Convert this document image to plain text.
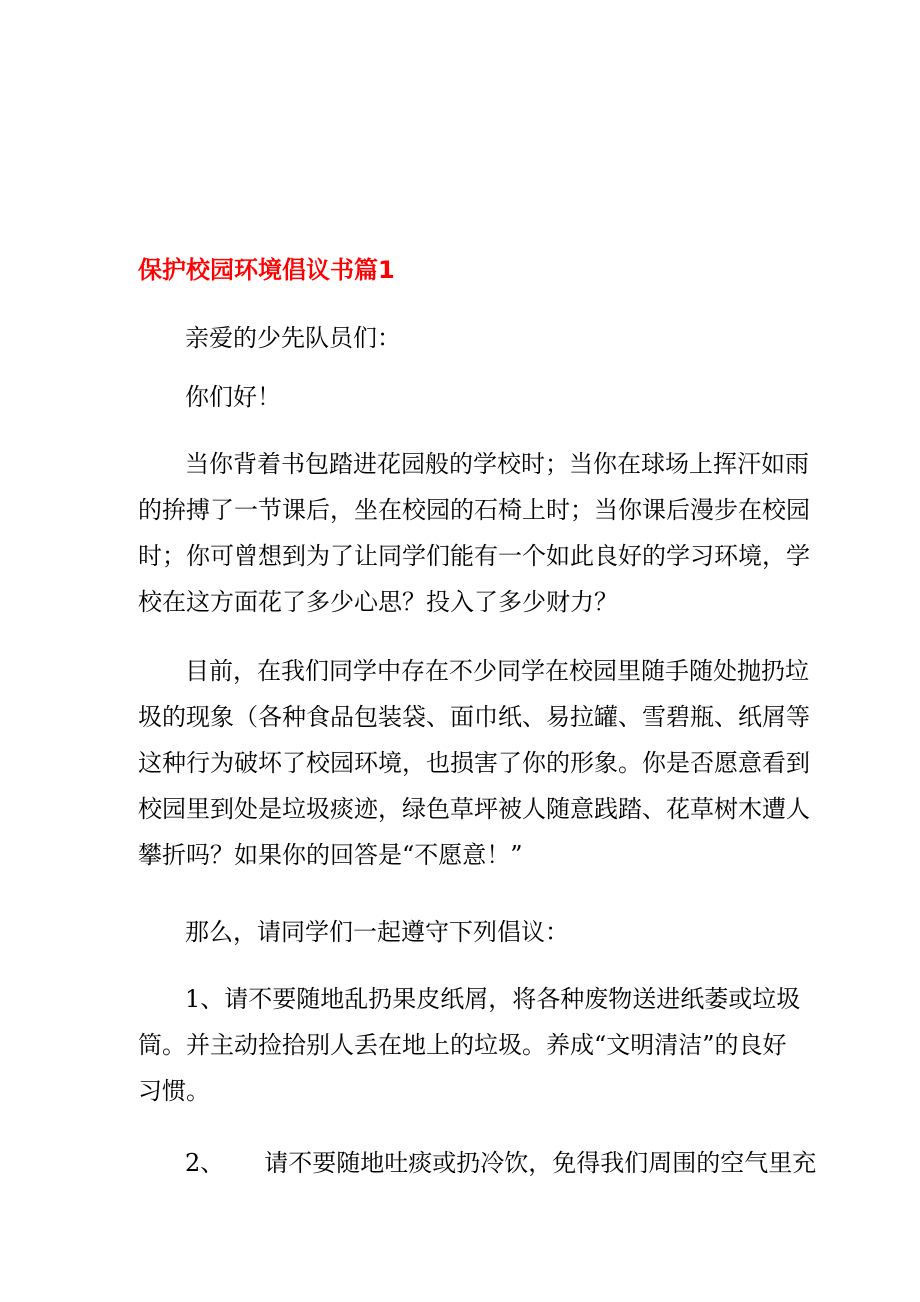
保护校园环境倡议书篇1
亲爱的少先队员们：
你们好！
当你背着书包踏进花园般的学校时；当你在球场上挥汗如雨
的拚搏了一节课后，坐在校园的石椅上时；当你课后漫步在校园
时；你可曾想到为了让同学们能有一个如此良好的学习环境，学
校在这方面花了多少心思？投入了多少财力？
目前，在我们同学中存在不少同学在校园里随手随处抛扔垃
圾的现象（各种食品包装袋、面巾纸、易拉罐、雪碧瓶、纸屑等
这种行为破坏了校园环境，也损害了你的形象。你是否愿意看到
校园里到处是垃圾痰迹，绿色草坪被人随意践踏、花草树木遭人
攀折吗？如果你的回答是“不愿意！”
那么，请同学们一起遵守下列倡议：
1、请不要随地乱扔果皮纸屑，将各种废物送进纸萎或垃圾
筒。并主动捡拾别人丢在地上的垃圾。养成“文明清洁”的良好
习惯。
2、 请不要随地吐痰或扔冷饮，免得我们周围的空气里充
